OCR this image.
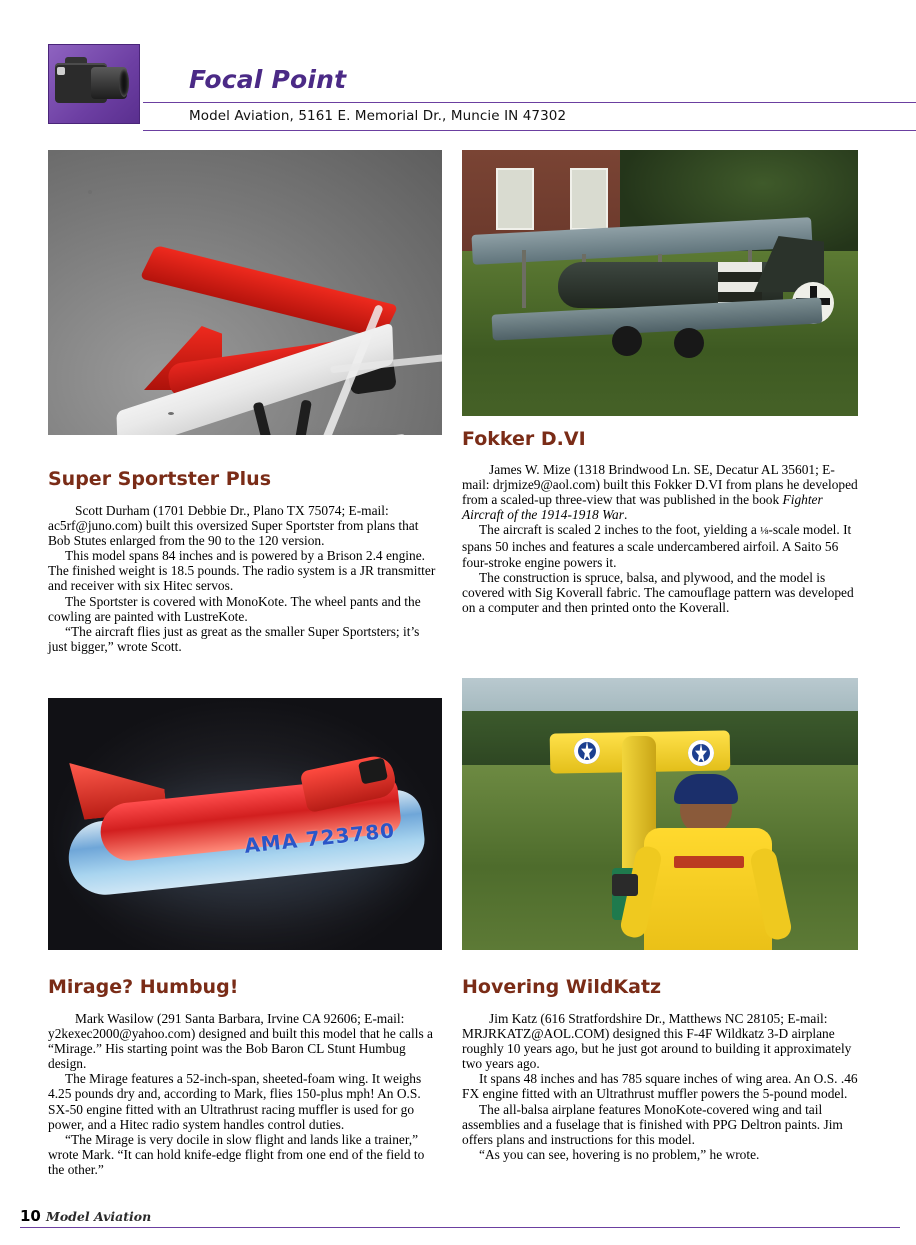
Focal Point
Model Aviation, 5161 E. Memorial Dr., Muncie IN 47302
Fokker D.VI

James W. Mize (1318 Brindwood Ln. SE, Decatur AL 35601; E-mail: drjmize9@aol.com) built this Fokker D.VI from plans he developed from a scaled-up three-view that was published in the book Fighter Aircraft of the 1914-1918 War.

The aircraft is scaled 2 inches to the foot, yielding a ⅛-scale model. It spans 50 inches and features a scale undercambered airfoil. A Saito 56 four-stroke engine powers it.

The construction is spruce, balsa, and plywood, and the model is covered with Sig Koverall fabric. The camouflage pattern was developed on a computer and then printed onto the Koverall.

Super Sportster Plus

Scott Durham (1701 Debbie Dr., Plano TX 75074; E-mail: ac5rf@juno.com) built this oversized Super Sportster from plans that Bob Stutes enlarged from the 90 to the 120 version.

This model spans 84 inches and is powered by a Brison 2.4 engine. The finished weight is 18.5 pounds. The radio system is a JR transmitter and receiver with six Hitec servos.

The Sportster is covered with MonoKote. The wheel pants and the cowling are painted with LustreKote.

“The aircraft flies just as great as the smaller Super Sportsters; it’s just bigger,” wrote Scott.

AMA 723780
Mirage? Humbug!

Mark Wasilow (291 Santa Barbara, Irvine CA 92606; E-mail: y2kexec2000@yahoo.com) designed and built this model that he calls a “Mirage.” His starting point was the Bob Baron CL Stunt Humbug design.

The Mirage features a 52-inch-span, sheeted-foam wing. It weighs 4.25 pounds dry and, according to Mark, flies 150-plus mph! An O.S. SX-50 engine fitted with an Ultrathrust racing muffler is used for go power, and a Hitec radio system handles control duties.

“The Mirage is very docile in slow flight and lands like a trainer,” wrote Mark. “It can hold knife-edge flight from one end of the field to the other.”

Hovering WildKatz

Jim Katz (616 Stratfordshire Dr., Matthews NC 28105; E-mail: MRJRKATZ@AOL.COM) designed this F-4F Wildkatz 3-D airplane roughly 10 years ago, but he just got around to building it approximately two years ago.

It spans 48 inches and has 785 square inches of wing area. An O.S. .46 FX engine fitted with an Ultrathrust muffler powers the 5-pound model.

The all-balsa airplane features MonoKote-covered wing and tail assemblies and a fuselage that is finished with PPG Deltron paints. Jim offers plans and instructions for this model.

“As you can see, hovering is no problem,” he wrote.

10 Model Aviation
